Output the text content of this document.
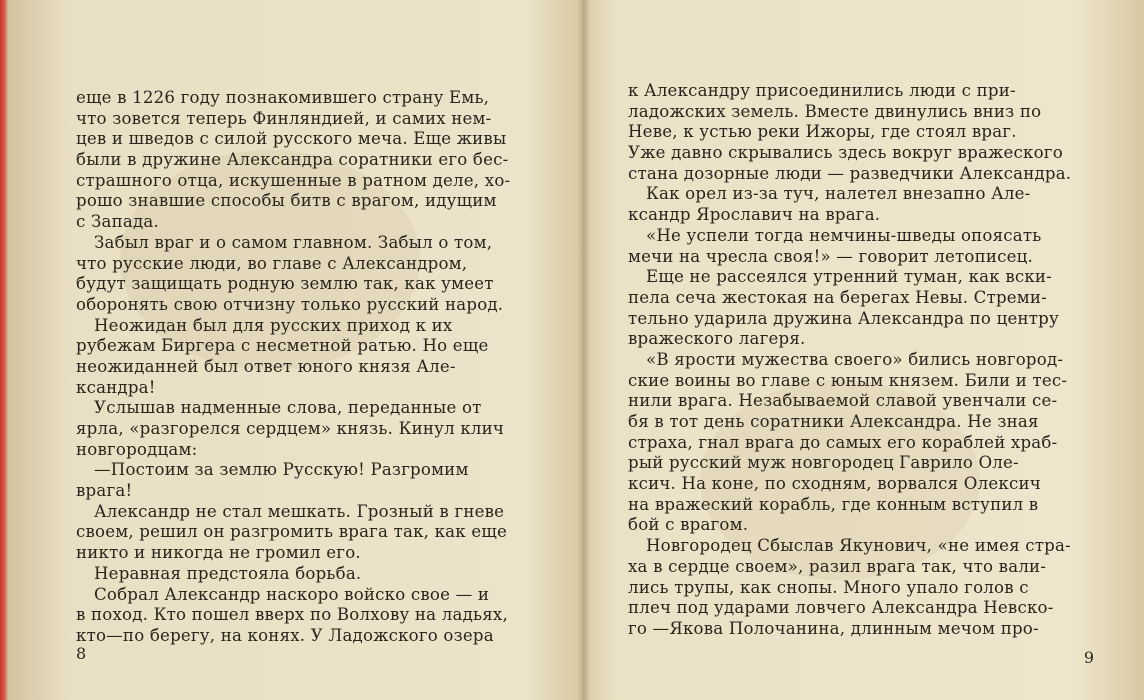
еще в 1226 году познакомившего страну Емь,
что зовется теперь Финляндией, и самих нем-
цев и шведов с силой русского меча. Еще живы
были в дружине Александра соратники его бес-
страшного отца, искушенные в ратном деле, хо-
рошо знавшие способы битв с врагом, идущим
с Запада.
Забыл враг и о самом главном. Забыл о том,
что русские люди, во главе с Александром,
будут защищать родную землю так, как умеет
оборонять свою отчизну только русский народ.
Неожидан был для русских приход к их
рубежам Биргера с несметной ратью. Но еще
неожиданней был ответ юного князя Але-
ксандра!
Услышав надменные слова, переданные от
ярла, «разгорелся сердцем» князь. Кинул клич
новгородцам:
—Постоим за землю Русскую! Разгромим
врага!
Александр не стал мешкать. Грозный в гневе
своем, решил он разгромить врага так, как еще
никто и никогда не громил его.
Неравная предстояла борьба.
Собрал Александр наскоро войско свое — и
в поход. Кто пошел вверх по Волхову на ладьях,
кто—по берегу, на конях. У Ладожского озера
8
к Александру присоединились люди с при-
ладожских земель. Вместе двинулись вниз по
Неве, к устью реки Ижоры, где стоял враг.
Уже давно скрывались здесь вокруг вражеского
стана дозорные люди — разведчики Александра.
Как орел из-за туч, налетел внезапно Але-
ксандр Ярославич на врага.
«Не успели тогда немчины-шведы опоясать
мечи на чресла своя!» — говорит летописец.
Еще не рассеялся утренний туман, как вски-
пела сеча жестокая на берегах Невы. Стреми-
тельно ударила дружина Александра по центру
вражеского лагеря.
«В ярости мужества своего» бились новгород-
ские воины во главе с юным князем. Били и тес-
нили врага. Незабываемой славой увенчали се-
бя в тот день соратники Александра. Не зная
страха, гнал врага до самых его кораблей храб-
рый русский муж новгородец Гаврило Оле-
ксич. На коне, по сходням, ворвался Олексич
на вражеский корабль, где конным вступил в
бой с врагом.
Новгородец Сбыслав Якунович, «не имея стра-
ха в сердце своем», разил врага так, что вали-
лись трупы, как снопы. Много упало голов с
плеч под ударами ловчего Александра Невско-
го —Якова Полочанина, длинным мечом про-
9
